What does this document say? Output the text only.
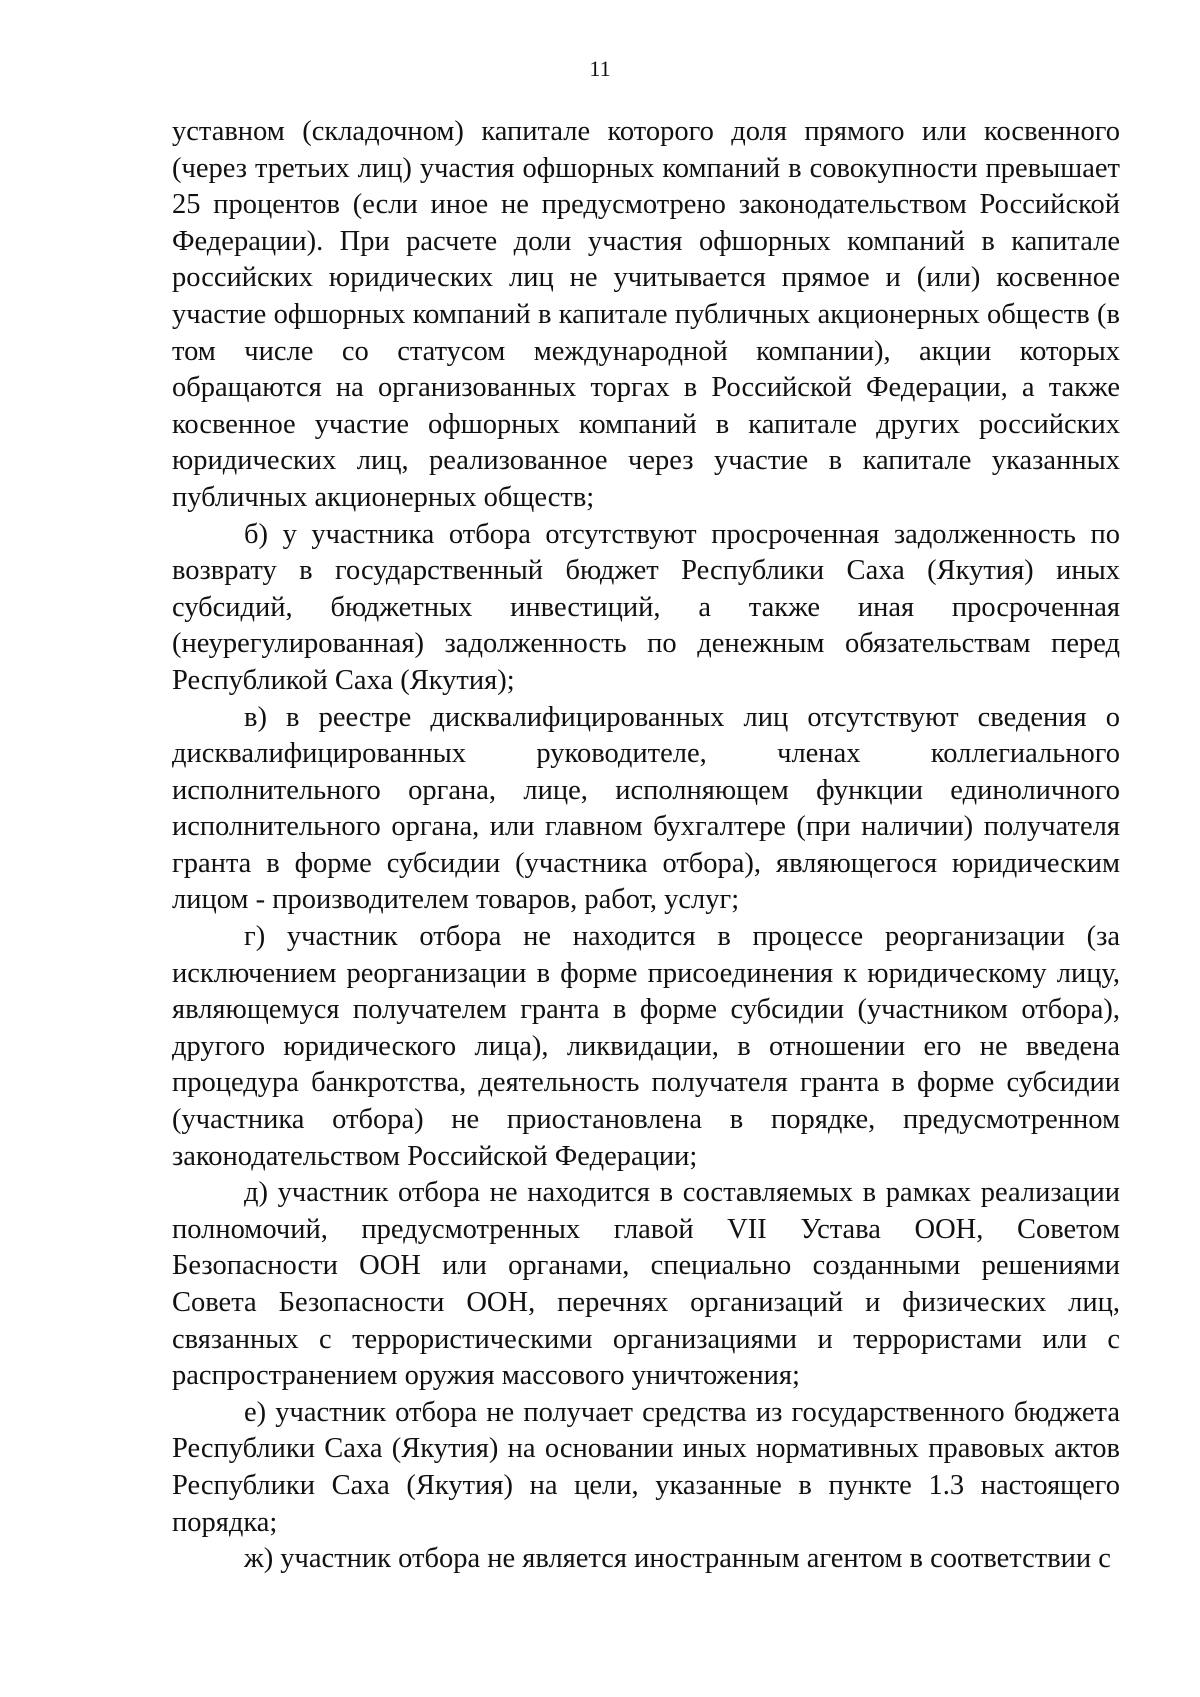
11

уставном (складочном) капитале которого доля прямого или косвенного (через третьих лиц) участия офшорных компаний в совокупности превышает 25 процентов (если иное не предусмотрено законодательством Российской Федерации). При расчете доли участия офшорных компаний в капитале российских юридических лиц не учитывается прямое и (или) косвенное участие офшорных компаний в капитале публичных акционерных обществ (в том числе со статусом международной компании), акции которых обращаются на организованных торгах в Российской Федерации, а также косвенное участие офшорных компаний в капитале других российских юридических лиц, реализованное через участие в капитале указанных публичных акционерных обществ;

б) у участника отбора отсутствуют просроченная задолженность по возврату в государственный бюджет Республики Саха (Якутия) иных субсидий, бюджетных инвестиций, а также иная просроченная (неурегулированная) задолженность по денежным обязательствам перед Республикой Саха (Якутия);

в) в реестре дисквалифицированных лиц отсутствуют сведения о дисквалифицированных руководителе, членах коллегиального исполнительного органа, лице, исполняющем функции единоличного исполнительного органа, или главном бухгалтере (при наличии) получателя гранта в форме субсидии (участника отбора), являющегося юридическим лицом - производителем товаров, работ, услуг;

г) участник отбора не находится в процессе реорганизации (за исключением реорганизации в форме присоединения к юридическому лицу, являющемуся получателем гранта в форме субсидии (участником отбора), другого юридического лица), ликвидации, в отношении его не введена процедура банкротства, деятельность получателя гранта в форме субсидии (участника отбора) не приостановлена в порядке, предусмотренном законодательством Российской Федерации;

д) участник отбора не находится в составляемых в рамках реализации полномочий, предусмотренных главой VII Устава ООН, Советом Безопасности ООН или органами, специально созданными решениями Совета Безопасности ООН, перечнях организаций и физических лиц, связанных с террористическими организациями и террористами или с распространением оружия массового уничтожения;

е) участник отбора не получает средства из государственного бюджета Республики Саха (Якутия) на основании иных нормативных правовых актов Республики Саха (Якутия) на цели, указанные в пункте 1.3 настоящего порядка;

ж) участник отбора не является иностранным агентом в соответствии с
